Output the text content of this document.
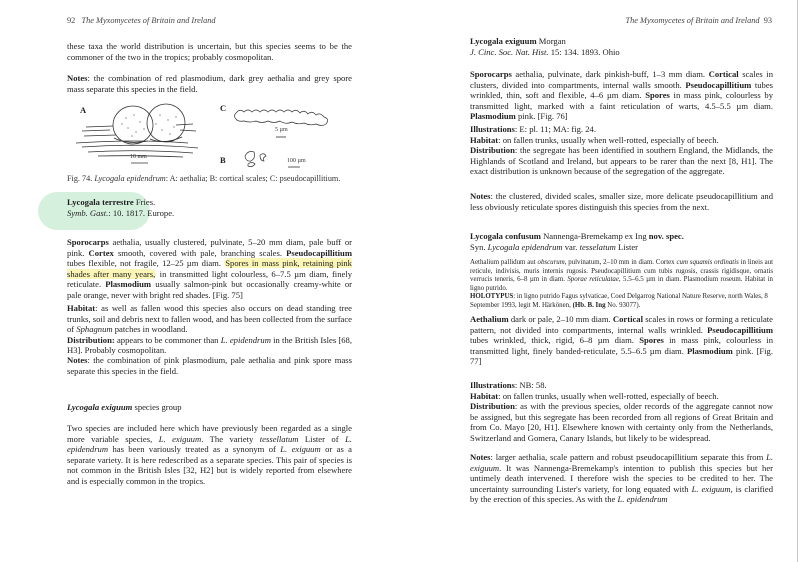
92 The Myxomycetes of Britain and Ireland

these taxa the world distribution is uncertain, but this species seems to be the commoner of the two in the tropics; probably cosmopolitan.

Notes: the combination of red plasmodium, dark grey aethalia and grey spore mass separate this species in the field.

A	C
B
10 mm
5 µm
100 µm
Fig. 74. Lycogala epidendrum: A: aethalia; B: cortical scales; C: pseudocapillitium.

Lycogala terrestre Fries.

Symb. Gast.: 10. 1817. Europe.

Sporocarps aethalia, usually clustered, pulvinate, 5–20 mm diam, pale buff or pink. Cortex smooth, covered with pale, branching scales. Pseudocapillitium tubes flexible, not fragile, 12–25 µm diam. Spores in mass pink, retaining pink shades after many years, in transmitted light colourless, 6–7.5 µm diam, finely reticulate. Plasmodium usually salmon-pink but occasionally creamy-white or pale orange, never with bright red shades. [Fig. 75]

Habitat: as well as fallen wood this species also occurs on dead standing tree trunks, soil and debris next to fallen wood, and has been collected from the surface of Sphagnum patches in woodland.

Distribution: appears to be commoner than L. epidendrum in the British Isles [68, H3]. Probably cosmopolitan.

Notes: the combination of pink plasmodium, pale aethalia and pink spore mass separate this species in the field.

Lycogala exiguum species group

Two species are included here which have previously been regarded as a single more variable species, L. exiguum. The variety tessellatum Lister of L. epidendrum has been variously treated as a synonym of L. exiguum or as a separate variety. It is here redescribed as a separate species. This pair of species is not common in the British Isles [32, H2] but is widely reported from elsewhere and is especially common in the tropics.

The Myxomycetes of Britain and Ireland 93

Lycogala exiguum Morgan

J. Cinc. Soc. Nat. Hist. 15: 134. 1893. Ohio

Sporocarps aethalia, pulvinate, dark pinkish-buff, 1–3 mm diam. Cortical scales in clusters, divided into compartments, internal walls smooth. Pseudocapillitium tubes wrinkled, thin, soft and flexible, 4–6 µm diam. Spores in mass pink, colourless by transmitted light, marked with a faint reticulation of warts, 4.5–5.5 µm diam. Plasmodium pink. [Fig. 76]

Illustrations: E: pl. 11; MA: fig. 24.

Habitat: on fallen trunks, usually when well-rotted, especially of beech.

Distribution: the segregate has been identified in southern England, the Midlands, the Highlands of Scotland and Ireland, but appears to be rarer than the next [8, H1]. The exact distribution is unknown because of the segregation of the aggregate.

Notes: the clustered, divided scales, smaller size, more delicate pseudocapillitium and less obviously reticulate spores distinguish this species from the next.

Lycogala confusum Nannenga-Bremekamp ex Ing nov. spec.

Syn. Lycogala epidendrum var. tesselatum Lister

Aethalium pallidum aut obscurum, pulvinatum, 2–10 mm in diam. Cortex cum squamis ordinatis in lineis aut reticule, indivisis, muris internis rugosis. Pseudocapillitium cum tubis rugosis, crassis rigidisque, ornatis verrucis teneris, 6–8 µm in diam. Sporae reticulatae, 5.5–6.5 µm in diam. Plasmodium roseum. Habitat in ligno putrido.

HOLOTYPUS: in ligno putrido Fagus sylvaticae, Coed Delgarrog National Nature Reserve, north Wales, 8 September 1993, legit M. Härkönen, (Hb. B. Ing No. 93077).

Aethalium dark or pale, 2–10 mm diam. Cortical scales in rows or forming a reticulate pattern, not divided into compartments, internal walls wrinkled. Pseudocapillitium tubes wrinkled, thick, rigid, 6–8 µm diam. Spores in mass pink, colourless in transmitted light, finely banded-reticulate, 5.5–6.5 µm diam. Plasmodium pink. [Fig. 77]

Illustrations: NB: 58.

Habitat: on fallen trunks, usually when well-rotted, especially of beech.

Distribution: as with the previous species, older records of the aggregate cannot now be assigned, but this segregate has been recorded from all regions of Great Britain and from Co. Mayo [20, H1]. Elsewhere known with certainty only from the Netherlands, Switzerland and Gomera, Canary Islands, but likely to be widespread.

Notes: larger aethalia, scale pattern and robust pseudocapillitium separate this from L. exiguum. It was Nannenga-Bremekamp's intention to publish this species but her untimely death intervened. I therefore wish the species to be credited to her. The uncertainty surrounding Lister's variety, for long equated with L. exiguum, is clarified by the erection of this species. As with the L. epidendrum
